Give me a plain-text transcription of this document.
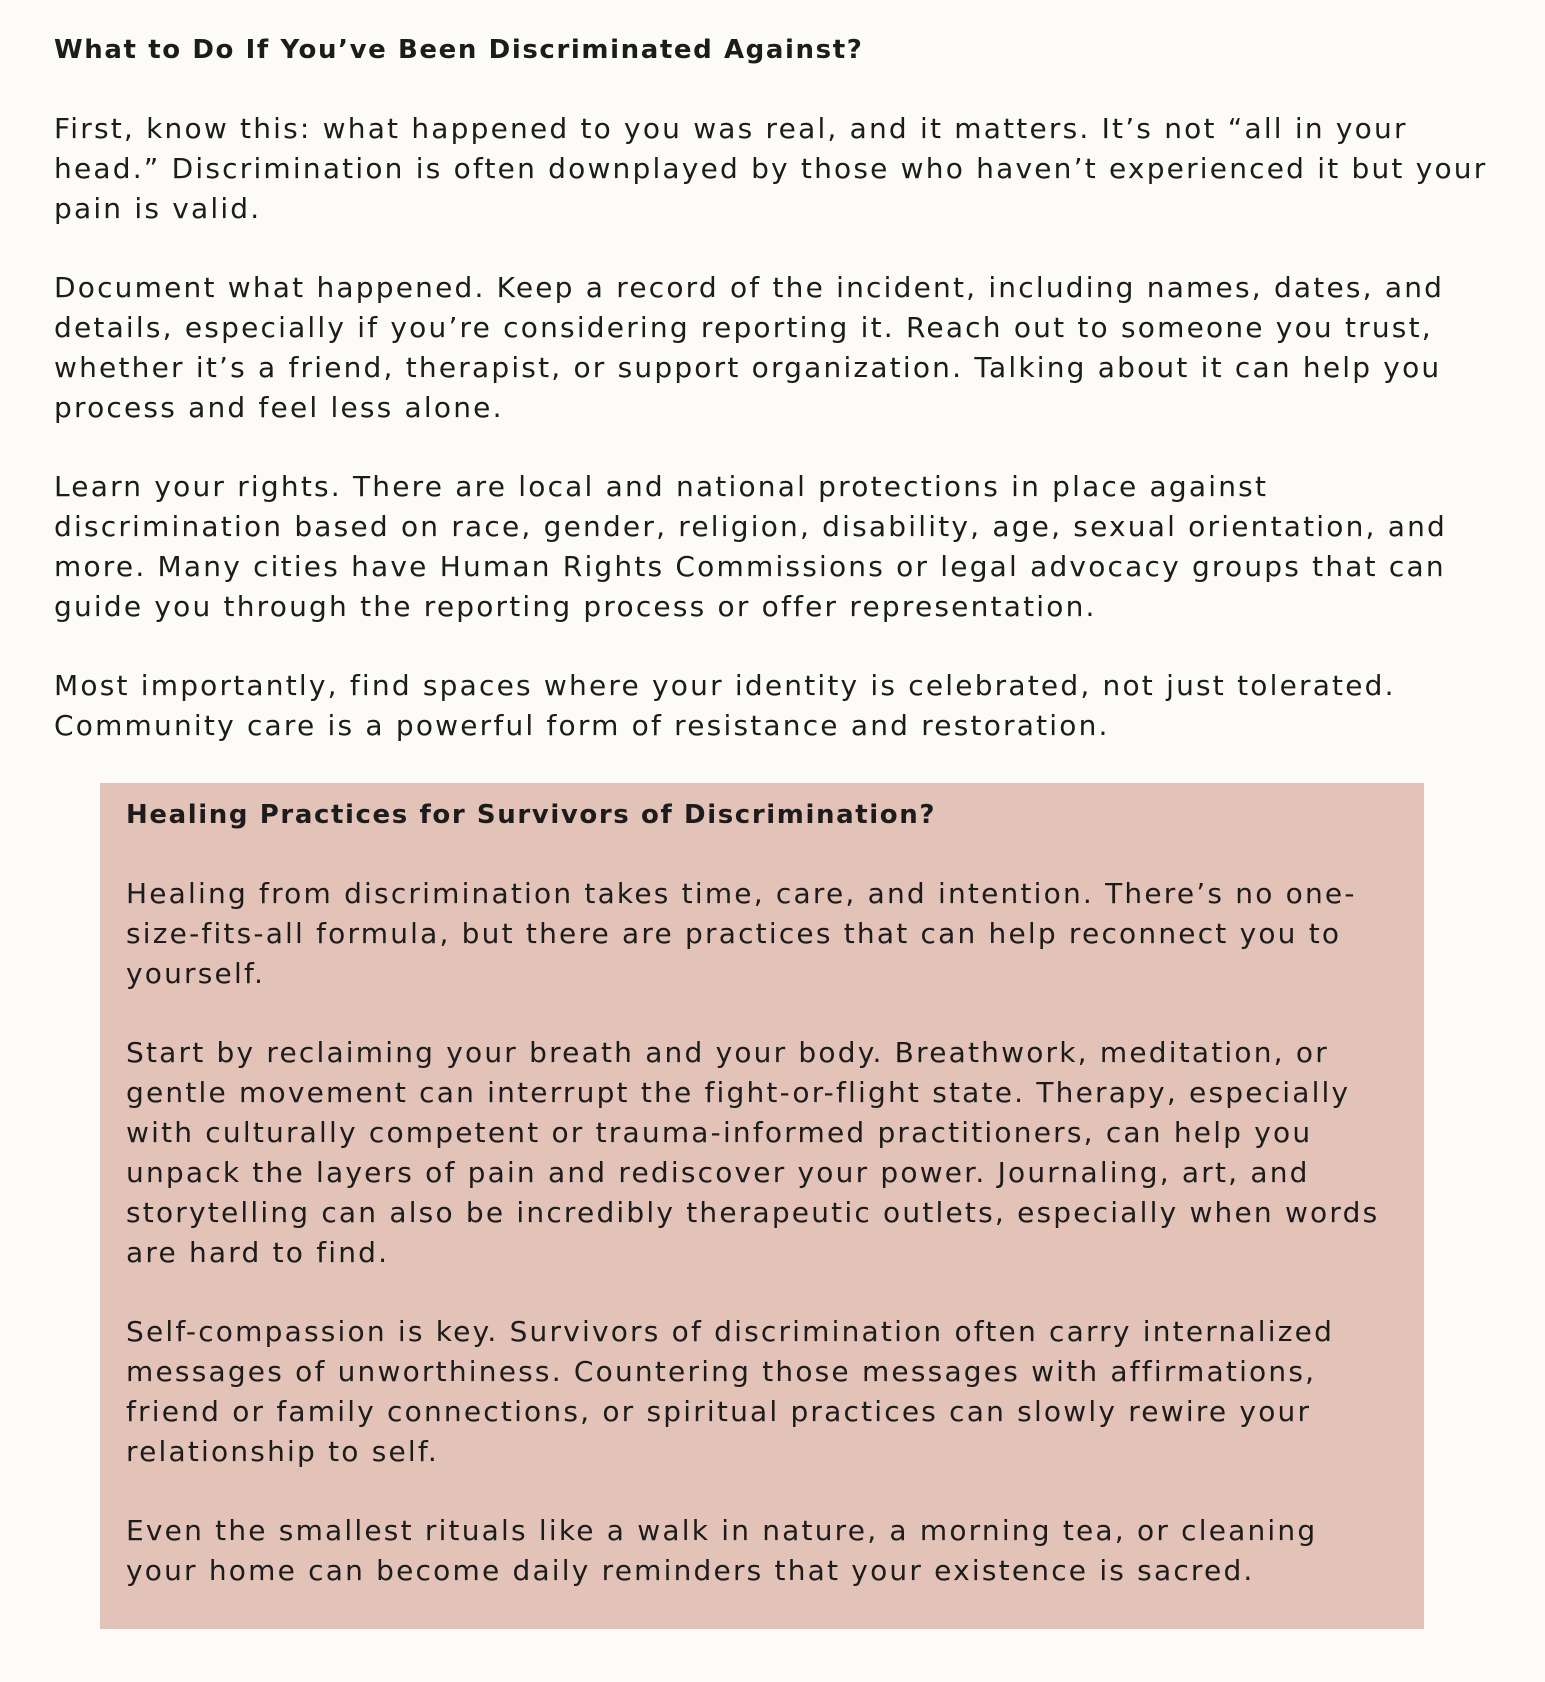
What to Do If You’ve Been Discriminated Against?

First, know this: what happened to you was real, and it matters. It’s not “all in your head.” Discrimination is often downplayed by those who haven’t experienced it but your pain is valid.

Document what happened. Keep a record of the incident, including names, dates, and details, especially if you’re considering reporting it. Reach out to someone you trust, whether it’s a friend, therapist, or support organization. Talking about it can help you process and feel less alone.

Learn your rights. There are local and national protections in place against discrimination based on race, gender, religion, disability, age, sexual orientation, and more. Many cities have Human Rights Commissions or legal advocacy groups that can guide you through the reporting process or offer representation.

Most importantly, find spaces where your identity is celebrated, not just tolerated. Community care is a powerful form of resistance and restoration.

Healing Practices for Survivors of Discrimination?

Healing from discrimination takes time, care, and intention. There’s no one-size-fits-all formula, but there are practices that can help reconnect you to yourself.

Start by reclaiming your breath and your body. Breathwork, meditation, or gentle movement can interrupt the fight-or-flight state. Therapy, especially with culturally competent or trauma-informed practitioners, can help you unpack the layers of pain and rediscover your power. Journaling, art, and storytelling can also be incredibly therapeutic outlets, especially when words are hard to find.

Self-compassion is key. Survivors of discrimination often carry internalized messages of unworthiness. Countering those messages with affirmations, friend or family connections, or spiritual practices can slowly rewire your relationship to self.

Even the smallest rituals like a walk in nature, a morning tea, or cleaning your home can become daily reminders that your existence is sacred.
